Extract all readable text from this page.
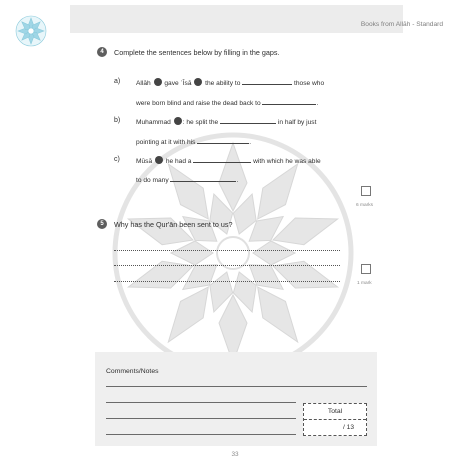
Books from Allāh - Standard
4	Complete the sentences below by filling in the gaps.
a) Allāh gave ʿĪsā the ability to	those who
were born blind and raise the dead back to	.
b) Muhammad : he split the	in half by just
pointing at it with his	.
c) Mūsā he had a	with which he was able
to do many	.
6 marks
5	Why has the Qur'ān been sent to us?
1 mark
Comments/Notes
Total
/ 13
33
